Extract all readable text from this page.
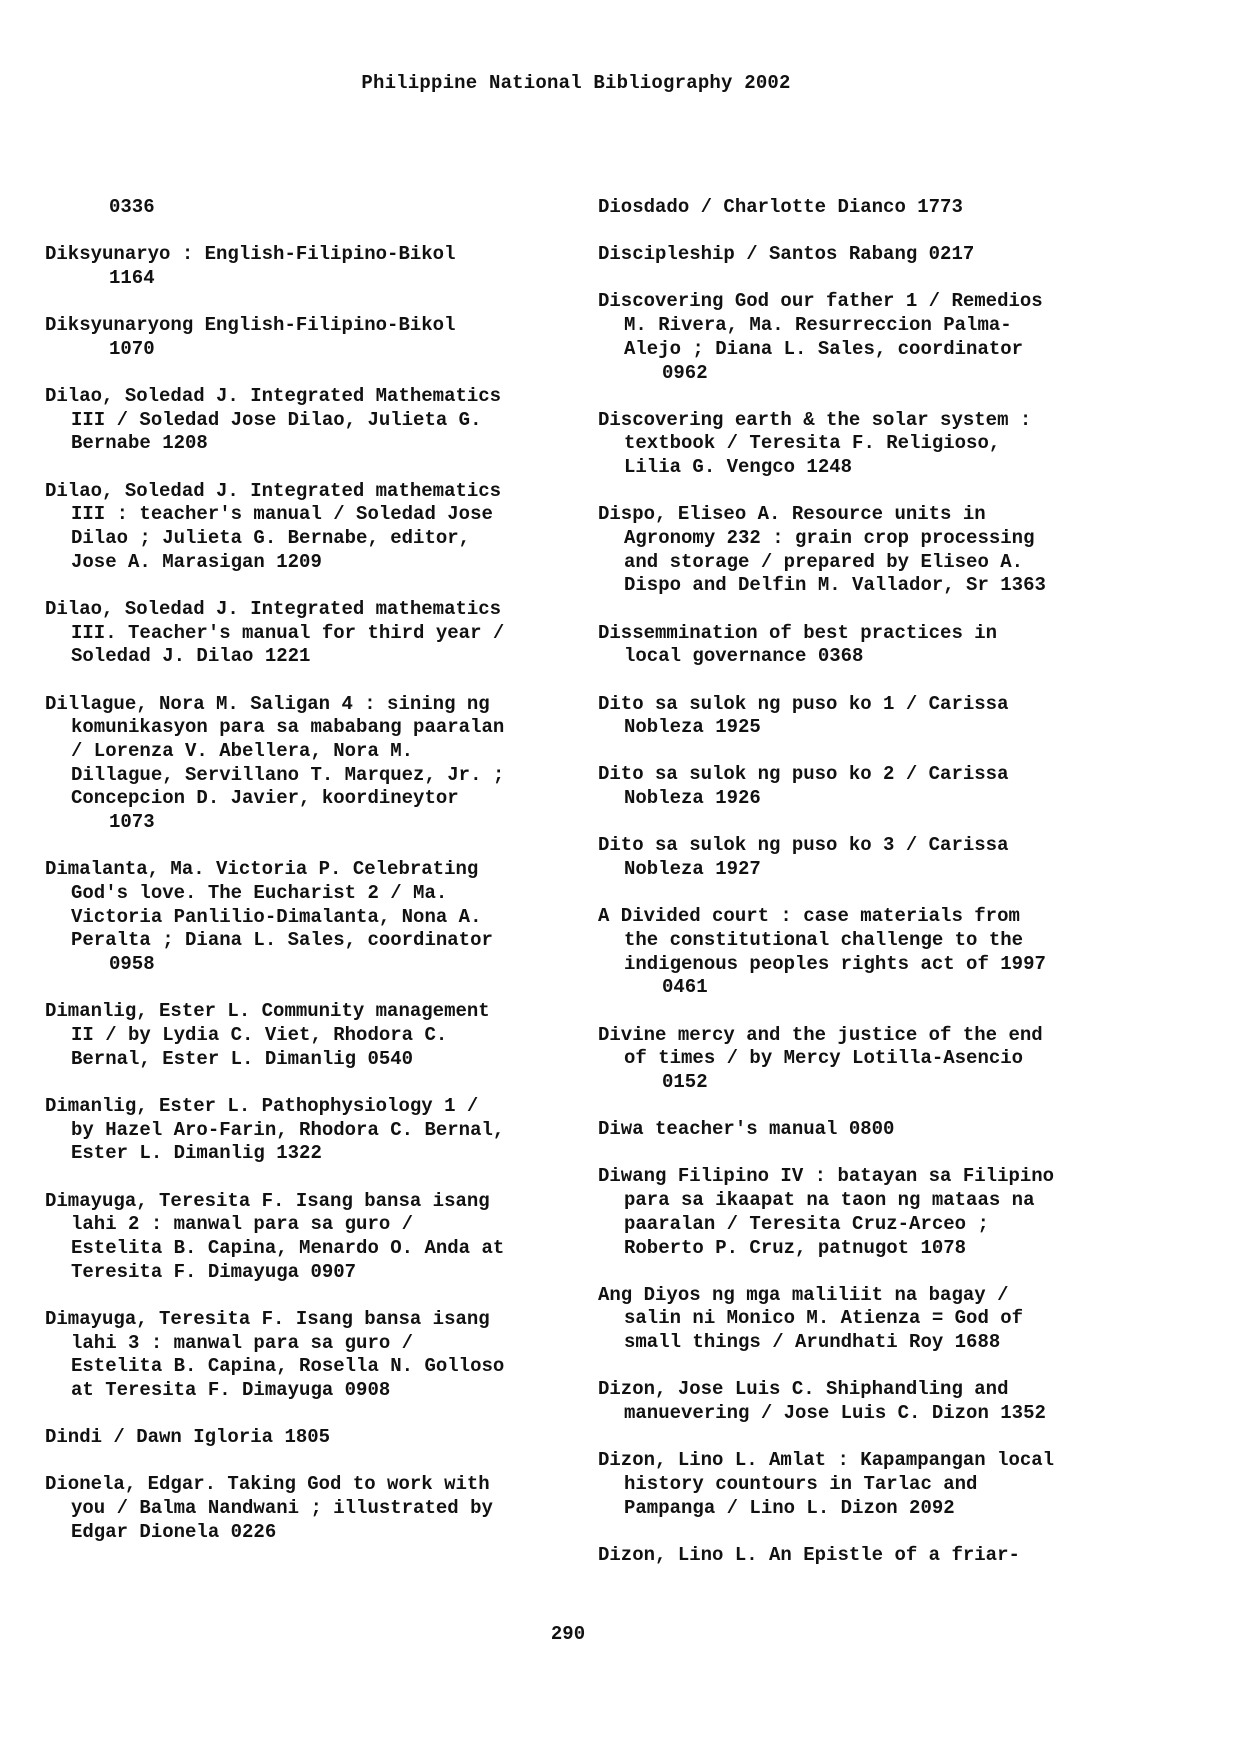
Philippine National Bibliography 2002
0336
Diksyunaryo : English-Filipino-Bikol
1164
Diksyunaryong English-Filipino-Bikol
1070
Dilao, Soledad J. Integrated Mathematics
III / Soledad Jose Dilao, Julieta G.
Bernabe 1208
Dilao, Soledad J. Integrated mathematics
III : teacher's manual / Soledad Jose
Dilao ; Julieta G. Bernabe, editor,
Jose A. Marasigan 1209
Dilao, Soledad J. Integrated mathematics
III. Teacher's manual for third year /
Soledad J. Dilao 1221
Dillague, Nora M. Saligan 4 : sining ng
komunikasyon para sa mababang paaralan
/ Lorenza V. Abellera, Nora M.
Dillague, Servillano T. Marquez, Jr. ;
Concepcion D. Javier, koordineytor
1073
Dimalanta, Ma. Victoria P. Celebrating
God's love. The Eucharist 2 / Ma.
Victoria Panlilio-Dimalanta, Nona A.
Peralta ; Diana L. Sales, coordinator
0958
Dimanlig, Ester L. Community management
II / by Lydia C. Viet, Rhodora C.
Bernal, Ester L. Dimanlig 0540
Dimanlig, Ester L. Pathophysiology 1 /
by Hazel Aro-Farin, Rhodora C. Bernal,
Ester L. Dimanlig 1322
Dimayuga, Teresita F. Isang bansa isang
lahi 2 : manwal para sa guro /
Estelita B. Capina, Menardo O. Anda at
Teresita F. Dimayuga 0907
Dimayuga, Teresita F. Isang bansa isang
lahi 3 : manwal para sa guro /
Estelita B. Capina, Rosella N. Golloso
at Teresita F. Dimayuga 0908
Dindi / Dawn Igloria 1805
Dionela, Edgar. Taking God to work with
you / Balma Nandwani ; illustrated by
Edgar Dionela 0226
Diosdado / Charlotte Dianco 1773
Discipleship / Santos Rabang 0217
Discovering God our father 1 / Remedios
M. Rivera, Ma. Resurreccion Palma-
Alejo ; Diana L. Sales, coordinator
0962
Discovering earth & the solar system :
textbook / Teresita F. Religioso,
Lilia G. Vengco 1248
Dispo, Eliseo A. Resource units in
Agronomy 232 : grain crop processing
and storage / prepared by Eliseo A.
Dispo and Delfin M. Vallador, Sr 1363
Dissemmination of best practices in
local governance 0368
Dito sa sulok ng puso ko 1 / Carissa
Nobleza 1925
Dito sa sulok ng puso ko 2 / Carissa
Nobleza 1926
Dito sa sulok ng puso ko 3 / Carissa
Nobleza 1927
A Divided court : case materials from
the constitutional challenge to the
indigenous peoples rights act of 1997
0461
Divine mercy and the justice of the end
of times / by Mercy Lotilla-Asencio
0152
Diwa teacher's manual 0800
Diwang Filipino IV : batayan sa Filipino
para sa ikaapat na taon ng mataas na
paaralan / Teresita Cruz-Arceo ;
Roberto P. Cruz, patnugot 1078
Ang Diyos ng mga maliliit na bagay /
salin ni Monico M. Atienza = God of
small things / Arundhati Roy 1688
Dizon, Jose Luis C. Shiphandling and
manuevering / Jose Luis C. Dizon 1352
Dizon, Lino L. Amlat : Kapampangan local
history countours in Tarlac and
Pampanga / Lino L. Dizon 2092
Dizon, Lino L. An Epistle of a friar-
290
